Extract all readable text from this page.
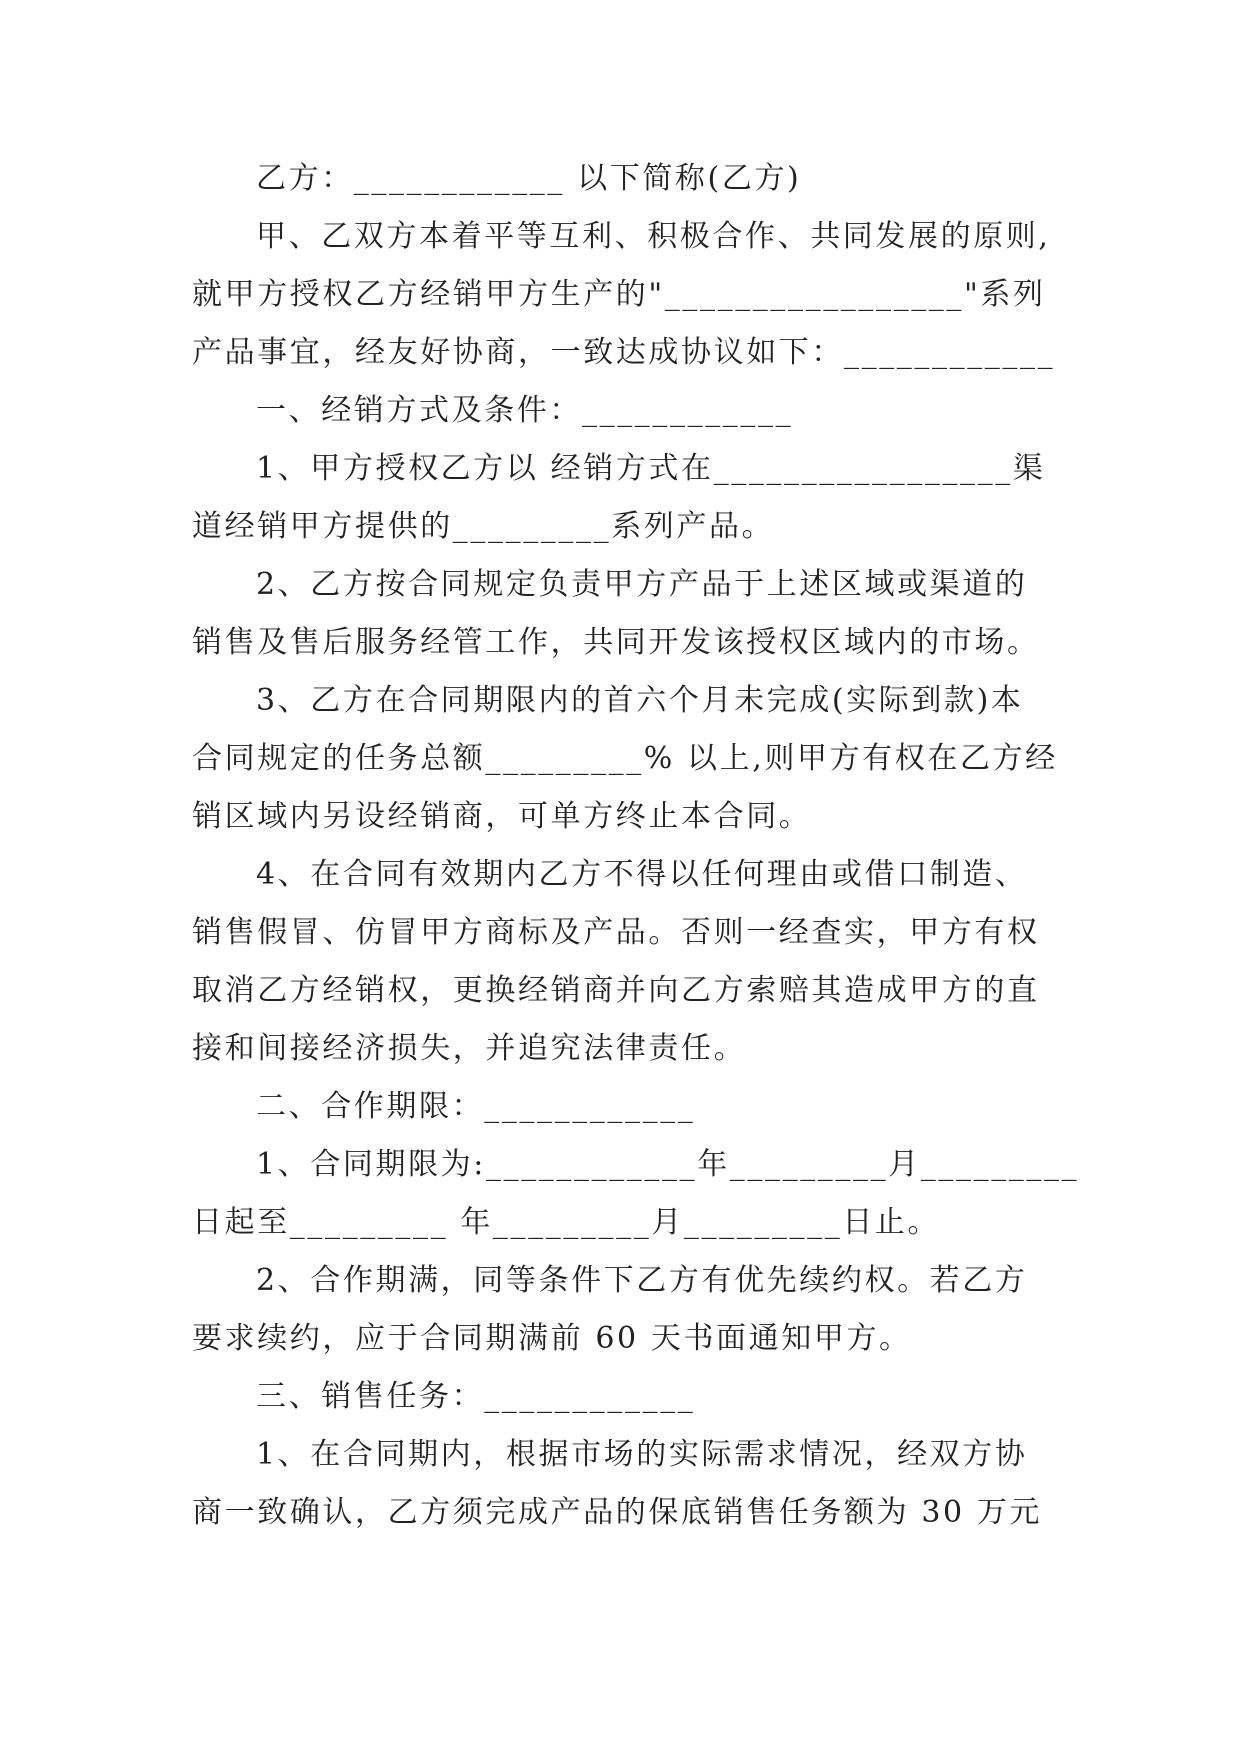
乙方：____________ 以下简称(乙方)
甲、乙双方本着平等互利、积极合作、共同发展的原则,
就甲方授权乙方经销甲方生产的"_________________"系列
产品事宜，经友好协商，一致达成协议如下：____________
一、经销方式及条件：____________
1、甲方授权乙方以 经销方式在_________________渠
道经销甲方提供的_________系列产品。
2、乙方按合同规定负责甲方产品于上述区域或渠道的
销售及售后服务经管工作，共同开发该授权区域内的市场。
3、乙方在合同期限内的首六个月未完成(实际到款)本
合同规定的任务总额_________% 以上,则甲方有权在乙方经
销区域内另设经销商，可单方终止本合同。
4、在合同有效期内乙方不得以任何理由或借口制造、
销售假冒、仿冒甲方商标及产品。否则一经查实，甲方有权
取消乙方经销权，更换经销商并向乙方索赔其造成甲方的直
接和间接经济损失，并追究法律责任。
二、合作期限：____________
1、合同期限为:____________年_________月_________
日起至_________ 年_________月_________日止。
2、合作期满，同等条件下乙方有优先续约权。若乙方
要求续约，应于合同期满前 60 天书面通知甲方。
三、销售任务：____________
1、在合同期内，根据市场的实际需求情况，经双方协
商一致确认，乙方须完成产品的保底销售任务额为 30 万元
